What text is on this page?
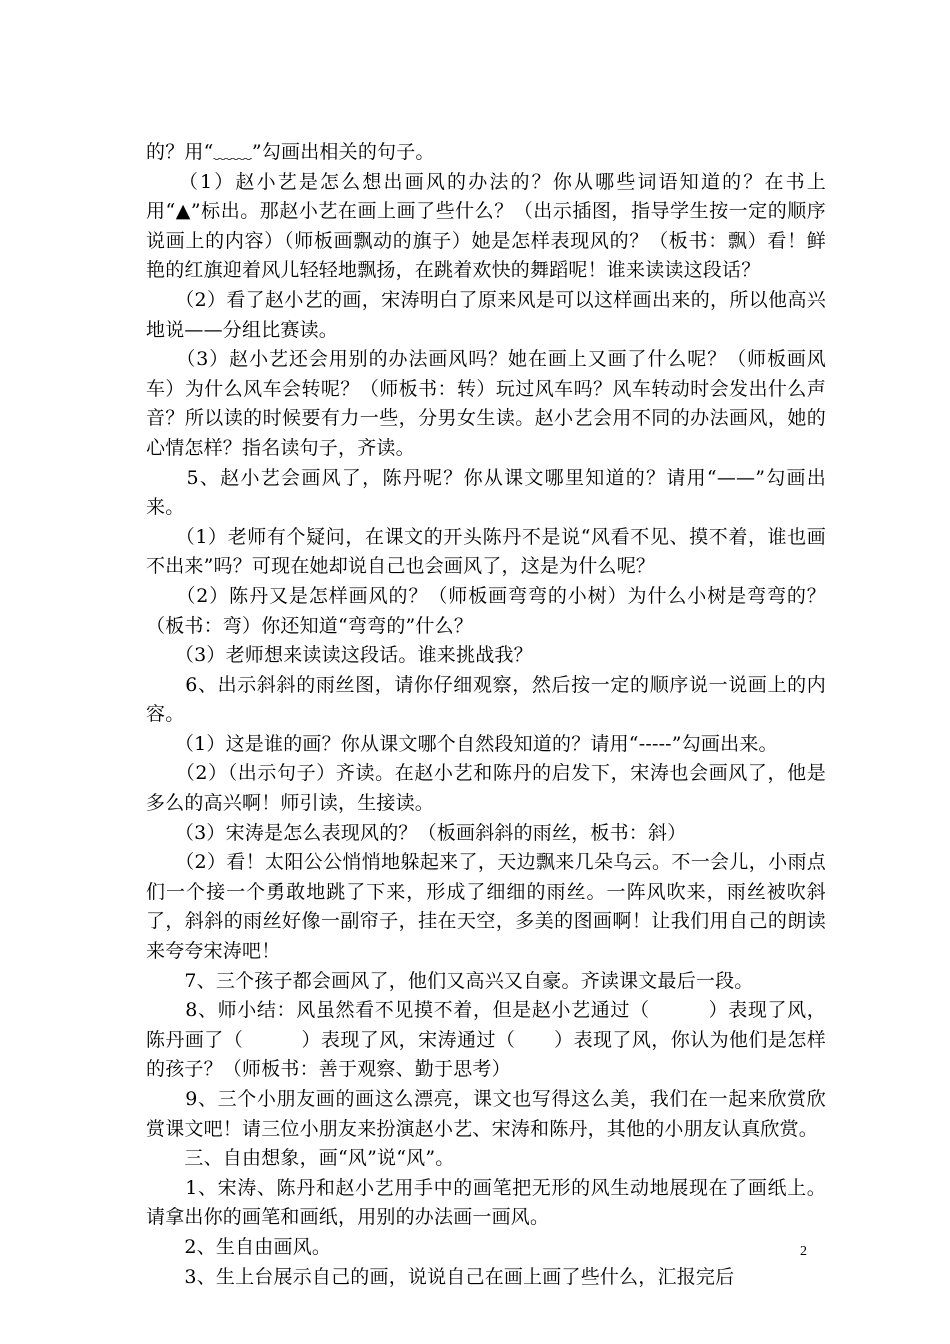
的？用“﹏﹏”勾画出相关的句子。

　　（1）赵小艺是怎么想出画风的办法的？你从哪些词语知道的？在书上用“▲”标出。那赵小艺在画上画了些什么？（出示插图，指导学生按一定的顺序说画上的内容）（师板画飘动的旗子）她是怎样表现风的？（板书：飘）看！鲜艳的红旗迎着风儿轻轻地飘扬，在跳着欢快的舞蹈呢！谁来读读这段话？

　　（2）看了赵小艺的画，宋涛明白了原来风是可以这样画出来的，所以他高兴地说——分组比赛读。

　　（3）赵小艺还会用别的办法画风吗？她在画上又画了什么呢？（师板画风车）为什么风车会转呢？（师板书：转）玩过风车吗？风车转动时会发出什么声音？所以读的时候要有力一些，分男女生读。赵小艺会用不同的办法画风，她的心情怎样？指名读句子，齐读。

　　5、赵小艺会画风了，陈丹呢？你从课文哪里知道的？请用“——”勾画出来。

　　（1）老师有个疑问，在课文的开头陈丹不是说“风看不见、摸不着，谁也画不出来”吗？可现在她却说自己也会画风了，这是为什么呢？

　　（2）陈丹又是怎样画风的？（师板画弯弯的小树）为什么小树是弯弯的？（板书：弯）你还知道“弯弯的”什么？

　　（3）老师想来读读这段话。谁来挑战我？

　　6、出示斜斜的雨丝图，请你仔细观察，然后按一定的顺序说一说画上的内容。

　　（1）这是谁的画？你从课文哪个自然段知道的？请用“-----”勾画出来。

　　（2）（出示句子）齐读。在赵小艺和陈丹的启发下，宋涛也会画风了，他是多么的高兴啊！师引读，生接读。

　　（3）宋涛是怎么表现风的？（板画斜斜的雨丝，板书：斜）

　　（2）看！太阳公公悄悄地躲起来了，天边飘来几朵乌云。不一会儿，小雨点们一个接一个勇敢地跳了下来，形成了细细的雨丝。一阵风吹来，雨丝被吹斜了，斜斜的雨丝好像一副帘子，挂在天空，多美的图画啊！让我们用自己的朗读来夸夸宋涛吧！

　　7、三个孩子都会画风了，他们又高兴又自豪。齐读课文最后一段。

　　8、师小结：风虽然看不见摸不着，但是赵小艺通过（　　　）表现了风，陈丹画了（　　　）表现了风，宋涛通过（　　）表现了风，你认为他们是怎样的孩子？（师板书：善于观察、勤于思考）

　　9、三个小朋友画的画这么漂亮，课文也写得这么美，我们在一起来欣赏欣赏课文吧！请三位小朋友来扮演赵小艺、宋涛和陈丹，其他的小朋友认真欣赏。

　　三、自由想象，画“风”说“风”。

　　1、宋涛、陈丹和赵小艺用手中的画笔把无形的风生动地展现在了画纸上。请拿出你的画笔和画纸，用别的办法画一画风。

　　2、生自由画风。

　　3、生上台展示自己的画，说说自己在画上画了些什么，汇报完后

2
